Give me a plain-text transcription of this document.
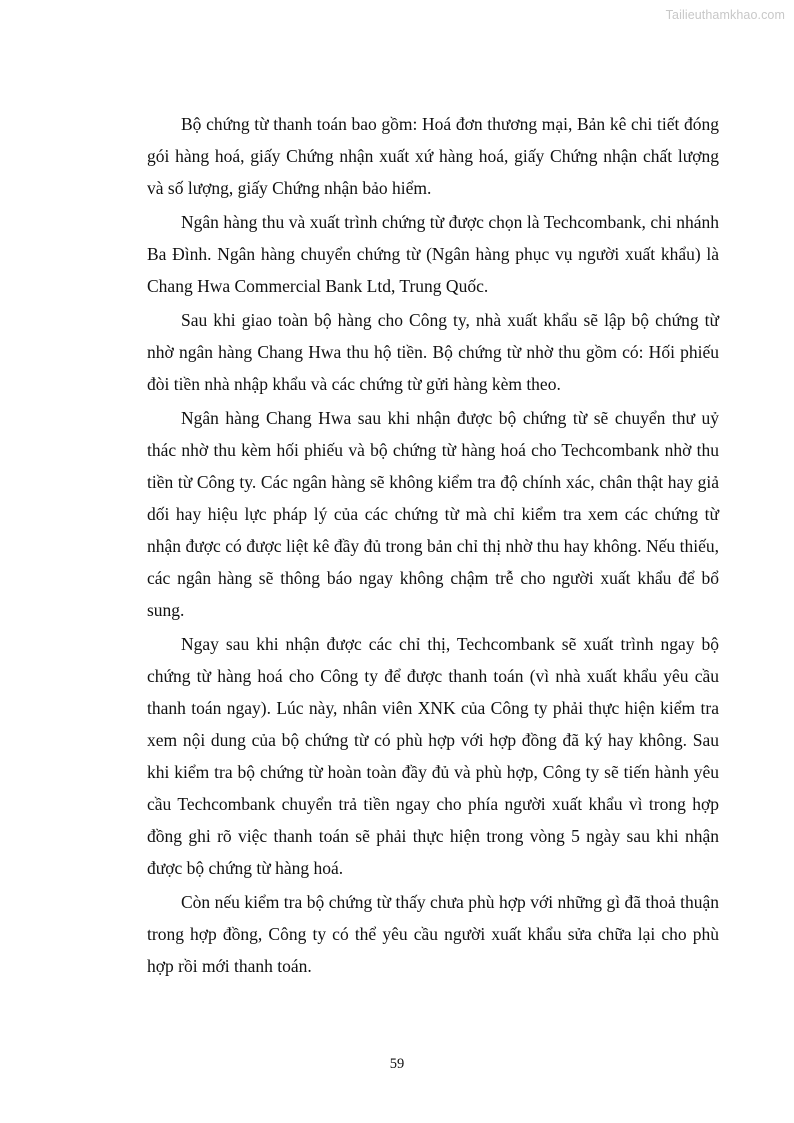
Tailieuthamkhao.com

Bộ chứng từ thanh toán bao gồm: Hoá đơn thương mại, Bản kê chi tiết đóng gói hàng hoá, giấy Chứng nhận xuất xứ hàng hoá, giấy Chứng nhận chất lượng và số lượng, giấy Chứng nhận bảo hiểm.

Ngân hàng thu và xuất trình chứng từ được chọn là Techcombank, chi nhánh Ba Đình. Ngân hàng chuyển chứng từ (Ngân hàng phục vụ người xuất khẩu) là Chang Hwa Commercial Bank Ltd, Trung Quốc.

Sau khi giao toàn bộ hàng cho Công ty, nhà xuất khẩu sẽ lập bộ chứng từ nhờ ngân hàng Chang Hwa thu hộ tiền. Bộ chứng từ nhờ thu gồm có: Hối phiếu đòi tiền nhà nhập khẩu và các chứng từ gửi hàng kèm theo.

Ngân hàng Chang Hwa sau khi nhận được bộ chứng từ sẽ chuyển thư uỷ thác nhờ thu kèm hối phiếu và bộ chứng từ hàng hoá cho Techcombank nhờ thu tiền từ Công ty. Các ngân hàng sẽ không kiểm tra độ chính xác, chân thật hay giả dối hay hiệu lực pháp lý của các chứng từ mà chỉ kiểm tra xem các chứng từ nhận được có được liệt kê đầy đủ trong bản chỉ thị nhờ thu hay không. Nếu thiếu, các ngân hàng sẽ thông báo ngay không chậm trễ cho người xuất khẩu để bổ sung.

Ngay sau khi nhận được các chỉ thị, Techcombank sẽ xuất trình ngay bộ chứng từ hàng hoá cho Công ty để được thanh toán (vì nhà xuất khẩu yêu cầu thanh toán ngay). Lúc này, nhân viên XNK của Công ty phải thực hiện kiểm tra xem nội dung của bộ chứng từ có phù hợp với hợp đồng đã ký hay không. Sau khi kiểm tra bộ chứng từ hoàn toàn đầy đủ và phù hợp, Công ty sẽ tiến hành yêu cầu Techcombank chuyển trả tiền ngay cho phía người xuất khẩu vì trong hợp đồng ghi rõ việc thanh toán sẽ phải thực hiện trong vòng 5 ngày sau khi nhận được bộ chứng từ hàng hoá.

Còn nếu kiểm tra bộ chứng từ thấy chưa phù hợp với những gì đã thoả thuận trong hợp đồng, Công ty có thể yêu cầu người xuất khẩu sửa chữa lại cho phù hợp rồi mới thanh toán.

59
